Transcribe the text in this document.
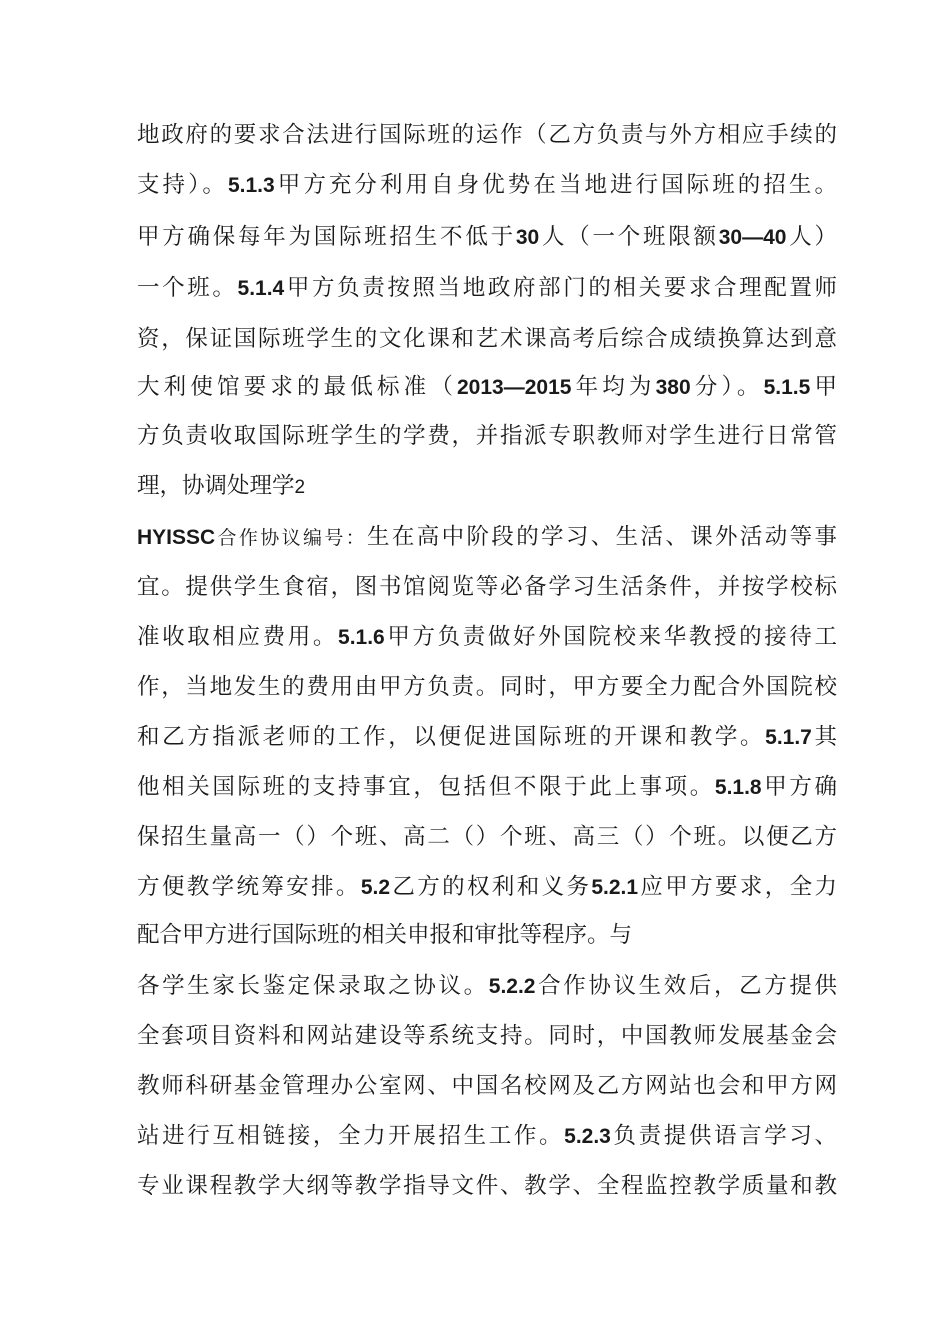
地政府的要求合法进行国际班的运作（乙方负责与外方相应手续的
支持）。5.1.3甲方充分利用自身优势在当地进行国际班的招生。
甲方确保每年为国际班招生不低于30人（一个班限额30—40人）
一个班。5.1.4甲方负责按照当地政府部门的相关要求合理配置师
资，保证国际班学生的文化课和艺术课高考后综合成绩换算达到意
大利使馆要求的最低标准（2013—2015年均为380分）。5.1.5甲
方负责收取国际班学生的学费，并指派专职教师对学生进行日常管
理，协调处理学2
HYISSC合作协议编号：生在高中阶段的学习、生活、课外活动等事
宜。提供学生食宿，图书馆阅览等必备学习生活条件，并按学校标
准收取相应费用。5.1.6甲方负责做好外国院校来华教授的接待工
作，当地发生的费用由甲方负责。同时，甲方要全力配合外国院校
和乙方指派老师的工作，以便促进国际班的开课和教学。5.1.7其
他相关国际班的支持事宜，包括但不限于此上事项。5.1.8甲方确
保招生量高一（）个班、高二（）个班、高三（）个班。以便乙方
方便教学统筹安排。5.2乙方的权利和义务5.2.1应甲方要求，全力
配合甲方进行国际班的相关申报和审批等程序。与
各学生家长鉴定保录取之协议。5.2.2合作协议生效后，乙方提供
全套项目资料和网站建设等系统支持。同时，中国教师发展基金会
教师科研基金管理办公室网、中国名校网及乙方网站也会和甲方网
站进行互相链接，全力开展招生工作。5.2.3负责提供语言学习、
专业课程教学大纲等教学指导文件、教学、全程监控教学质量和教
